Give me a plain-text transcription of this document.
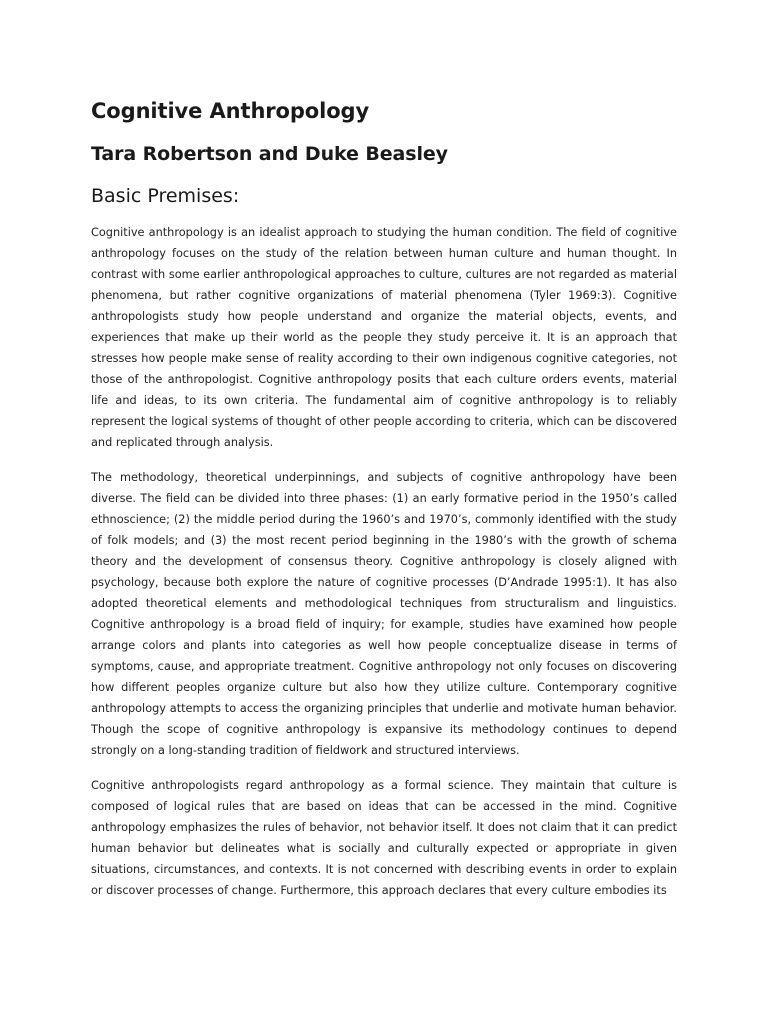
Cognitive Anthropology
Tara Robertson and Duke Beasley
Basic Premises:

Cognitive anthropology is an idealist approach to studying the human condition. The field of cognitive anthropology focuses on the study of the relation between human culture and human thought. In contrast with some earlier anthropological approaches to culture, cultures are not regarded as material phenomena, but rather cognitive organizations of material phenomena (Tyler 1969:3). Cognitive anthropologists study how people understand and organize the material objects, events, and experiences that make up their world as the people they study perceive it. It is an approach that stresses how people make sense of reality according to their own indigenous cognitive categories, not those of the anthropologist. Cognitive anthropology posits that each culture orders events, material life and ideas, to its own criteria. The fundamental aim of cognitive anthropology is to reliably represent the logical systems of thought of other people according to criteria, which can be discovered and replicated through analysis.

The methodology, theoretical underpinnings, and subjects of cognitive anthropology have been diverse. The field can be divided into three phases: (1) an early formative period in the 1950’s called ethnoscience; (2) the middle period during the 1960’s and 1970’s, commonly identified with the study of folk models; and (3) the most recent period beginning in the 1980’s with the growth of schema theory and the development of consensus theory. Cognitive anthropology is closely aligned with psychology, because both explore the nature of cognitive processes (D’Andrade 1995:1). It has also adopted theoretical elements and methodological techniques from structuralism and linguistics. Cognitive anthropology is a broad field of inquiry; for example, studies have examined how people arrange colors and plants into categories as well how people conceptualize disease in terms of symptoms, cause, and appropriate treatment. Cognitive anthropology not only focuses on discovering how different peoples organize culture but also how they utilize culture. Contemporary cognitive anthropology attempts to access the organizing principles that underlie and motivate human behavior. Though the scope of cognitive anthropology is expansive its methodology continues to depend strongly on a long-standing tradition of fieldwork and structured interviews.

Cognitive anthropologists regard anthropology as a formal science. They maintain that culture is composed of logical rules that are based on ideas that can be accessed in the mind. Cognitive anthropology emphasizes the rules of behavior, not behavior itself. It does not claim that it can predict human behavior but delineates what is socially and culturally expected or appropriate in given situations, circumstances, and contexts. It is not concerned with describing events in order to explain or discover processes of change. Furthermore, this approach declares that every culture embodies its
